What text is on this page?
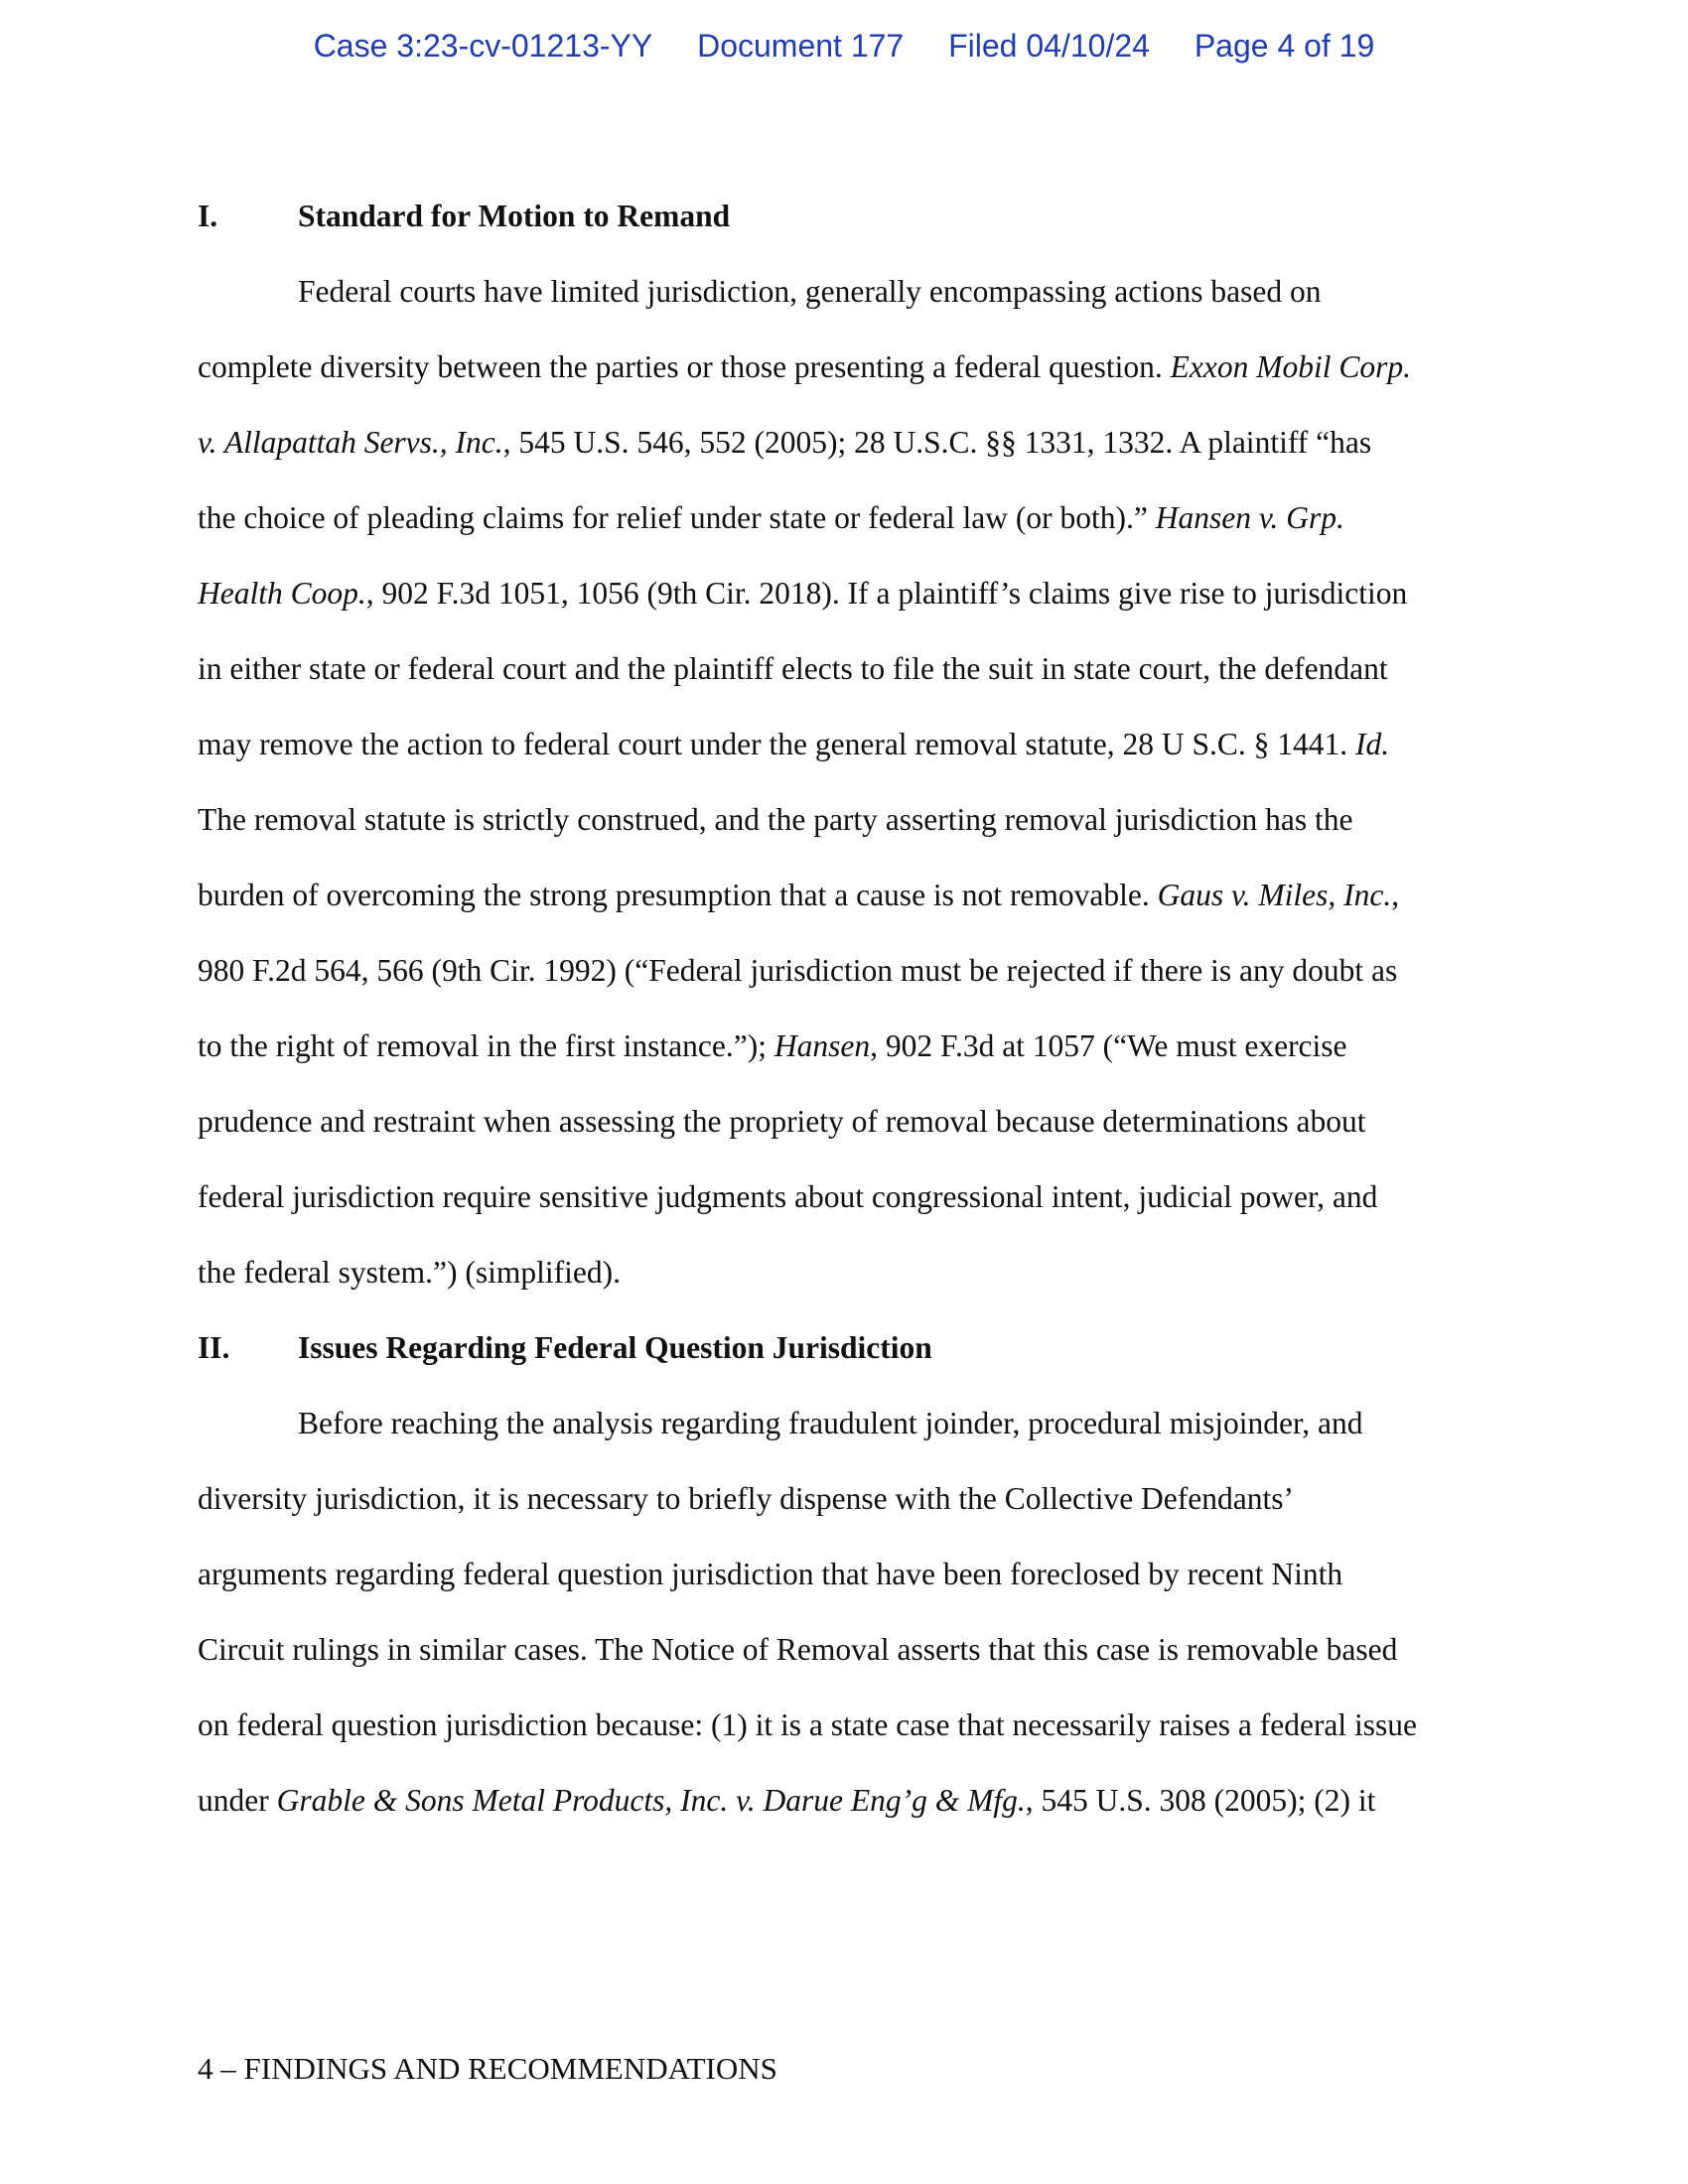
Case 3:23-cv-01213-YY Document 177 Filed 04/10/24 Page 4 of 19
I.	Standard for Motion to Remand
Federal courts have limited jurisdiction, generally encompassing actions based on
complete diversity between the parties or those presenting a federal question. Exxon Mobil Corp.
v. Allapattah Servs., Inc., 545 U.S. 546, 552 (2005); 28 U.S.C. §§ 1331, 1332. A plaintiff “has
the choice of pleading claims for relief under state or federal law (or both).” Hansen v. Grp.
Health Coop., 902 F.3d 1051, 1056 (9th Cir. 2018). If a plaintiff’s claims give rise to jurisdiction
in either state or federal court and the plaintiff elects to file the suit in state court, the defendant
may remove the action to federal court under the general removal statute, 28 U S.C. § 1441. Id.
The removal statute is strictly construed, and the party asserting removal jurisdiction has the
burden of overcoming the strong presumption that a cause is not removable. Gaus v. Miles, Inc.,
980 F.2d 564, 566 (9th Cir. 1992) (“Federal jurisdiction must be rejected if there is any doubt as
to the right of removal in the first instance.”); Hansen, 902 F.3d at 1057 (“We must exercise
prudence and restraint when assessing the propriety of removal because determinations about
federal jurisdiction require sensitive judgments about congressional intent, judicial power, and
the federal system.”) (simplified).
II. Issues Regarding Federal Question Jurisdiction
Before reaching the analysis regarding fraudulent joinder, procedural misjoinder, and
diversity jurisdiction, it is necessary to briefly dispense with the Collective Defendants’
arguments regarding federal question jurisdiction that have been foreclosed by recent Ninth
Circuit rulings in similar cases. The Notice of Removal asserts that this case is removable based
on federal question jurisdiction because: (1) it is a state case that necessarily raises a federal issue
under Grable & Sons Metal Products, Inc. v. Darue Eng’g & Mfg., 545 U.S. 308 (2005); (2) it
4 – FINDINGS AND RECOMMENDATIONS
